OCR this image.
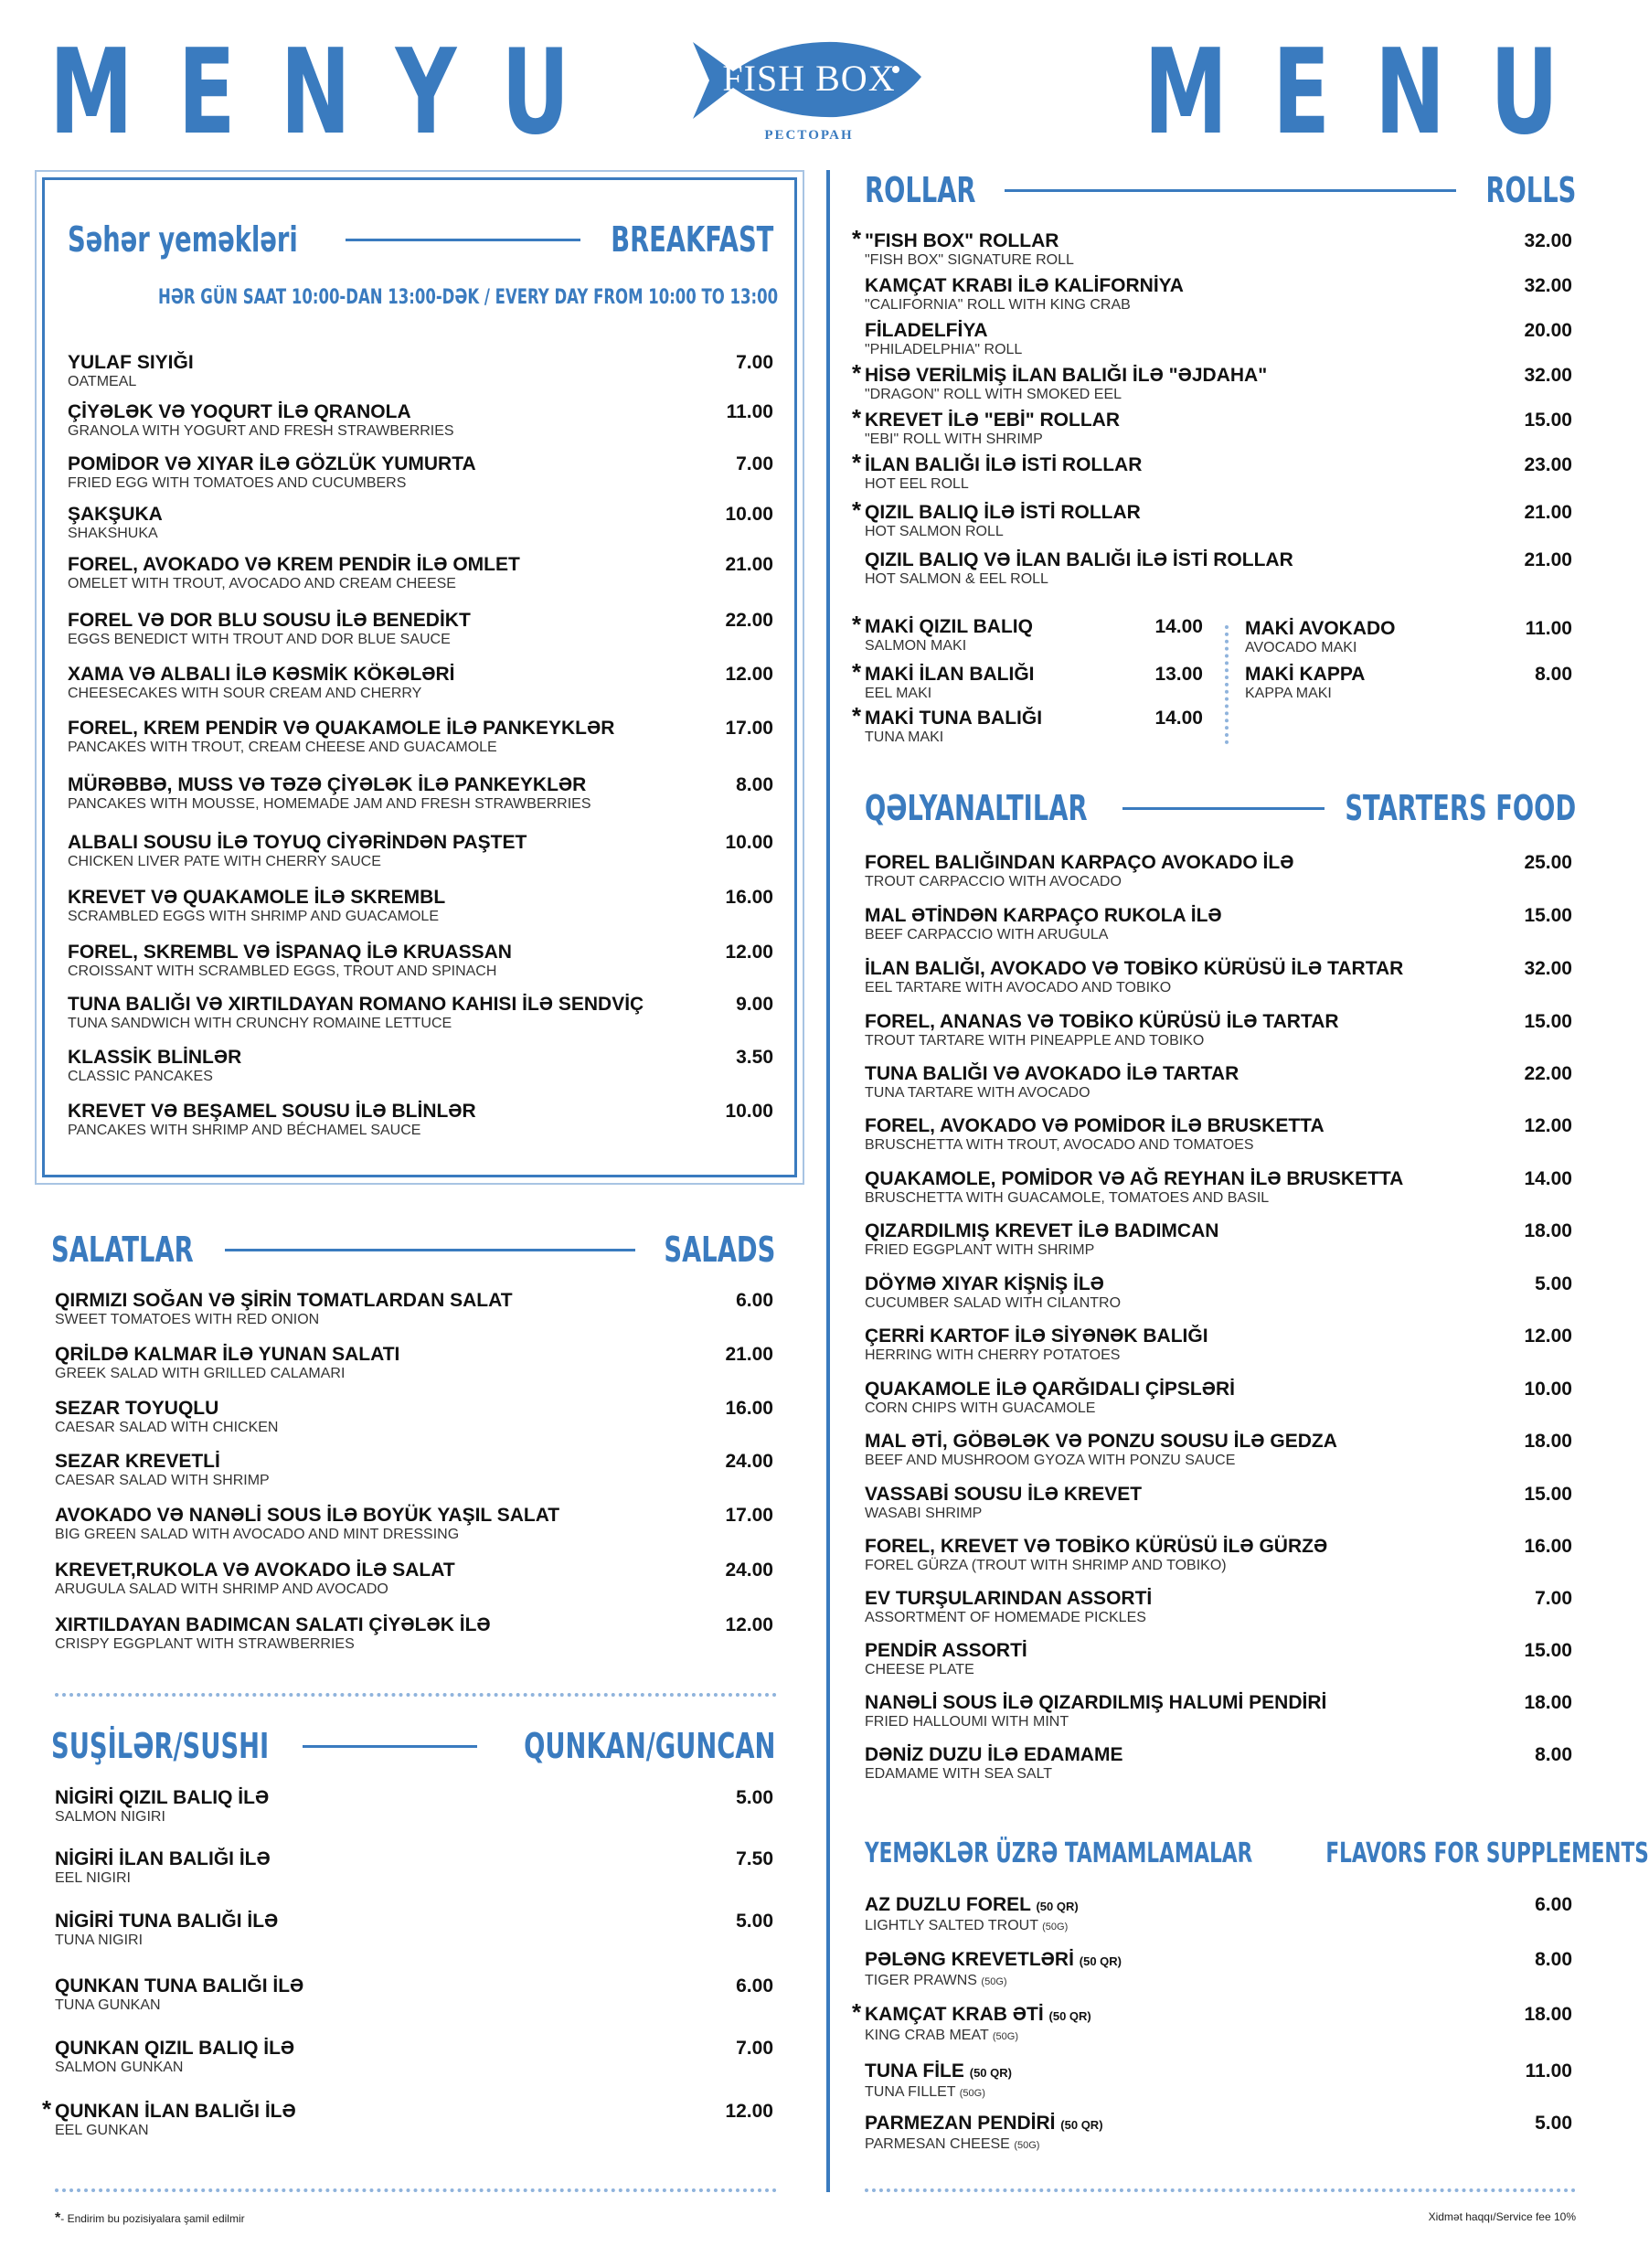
MENYU	MENU
FISH BOX
РЕСТОРАН
Səhər yeməkləri	BREAKFAST
HƏR GÜN SAAT 10:00-DAN 13:00-DƏK / EVERY DAY FROM 10:00 TO 13:00
YULAF SIYIĞI
OATMEAL
7.00
ÇİYƏLƏK VƏ YOQURT İLƏ QRANOLA
GRANOLA WITH YOGURT AND FRESH STRAWBERRIES
11.00
POMİDOR VƏ XIYAR İLƏ GÖZLÜK YUMURTA
FRIED EGG WITH TOMATOES AND CUCUMBERS
7.00
ŞAKŞUKA
SHAKSHUKA
10.00
FOREL, AVOKADO VƏ KREM PENDİR İLƏ OMLET
OMELET WITH TROUT, AVOCADO AND CREAM CHEESE
21.00
FOREL VƏ DOR BLU SOUSU İLƏ BENEDİKT
EGGS BENEDICT WITH TROUT AND DOR BLUE SAUCE
22.00
XAMA VƏ ALBALI İLƏ KƏSMİK KÖKƏLƏRİ
CHEESECAKES WITH SOUR CREAM AND CHERRY
12.00
FOREL, KREM PENDİR VƏ QUAKAMOLE İLƏ PANKEYKLƏR
PANCAKES WITH TROUT, CREAM CHEESE AND GUACAMOLE
17.00
MÜRƏBBƏ, MUSS VƏ TƏZƏ ÇİYƏLƏK İLƏ PANKEYKLƏR
PANCAKES WITH MOUSSE, HOMEMADE JAM AND FRESH STRAWBERRIES
8.00
ALBALI SOUSU İLƏ TOYUQ CİYƏRİNDƏN PAŞTET
CHICKEN LIVER PATE WITH CHERRY SAUCE
10.00
KREVET VƏ QUAKAMOLE İLƏ SKREMBL
SCRAMBLED EGGS WITH SHRIMP AND GUACAMOLE
16.00
FOREL, SKREMBL VƏ İSPANAQ İLƏ KRUASSAN
CROISSANT WITH SCRAMBLED EGGS, TROUT AND SPINACH
12.00
TUNA BALIĞI VƏ XIRTILDAYAN ROMANO KAHISI İLƏ SENDVİÇ
TUNA SANDWICH WITH CRUNCHY ROMAINE LETTUCE
9.00
KLASSİK BLİNLƏR
CLASSIC PANCAKES
3.50
KREVET VƏ BEŞAMEL SOUSU İLƏ BLİNLƏR
PANCAKES WITH SHRIMP AND BÉCHAMEL SAUCE
10.00
SALATLAR	SALADS
QIRMIZI SOĞAN VƏ ŞİRİN TOMATLARDAN SALAT
SWEET TOMATOES WITH RED ONION
6.00
QRİLDƏ KALMAR İLƏ YUNAN SALATI
GREEK SALAD WITH GRILLED CALAMARI
21.00
SEZAR TOYUQLU
CAESAR SALAD WITH CHICKEN
16.00
SEZAR KREVETLİ
CAESAR SALAD WITH SHRIMP
24.00
AVOKADO VƏ NANƏLİ SOUS İLƏ BOYÜK YAŞIL SALAT
BIG GREEN SALAD WITH AVOCADO AND MINT DRESSING
17.00
KREVET,RUKOLA VƏ AVOKADO İLƏ SALAT
ARUGULA SALAD WITH SHRIMP AND AVOCADO
24.00
XIRTILDAYAN BADIMCAN SALATI ÇİYƏLƏK İLƏ
CRISPY EGGPLANT WITH STRAWBERRIES
12.00
SUŞİLƏR/SUSHI	QUNKAN/GUNCAN
NİGİRİ QIZIL BALIQ İLƏ
SALMON NIGIRI
5.00
NİGİRİ İLAN BALIĞI İLƏ
EEL NIGIRI
7.50
NİGİRİ TUNA BALIĞI İLƏ
TUNA NIGIRI
5.00
QUNKAN TUNA BALIĞI İLƏ
TUNA GUNKAN
6.00
QUNKAN QIZIL BALIQ İLƏ
SALMON GUNKAN
7.00
* QUNKAN İLAN BALIĞI İLƏ
EEL GUNKAN
12.00
ROLLAR	ROLLS
* "FISH BOX" ROLLAR
"FISH BOX" SIGNATURE ROLL
32.00
KAMÇAT KRABI İLƏ KALİFORNİYA
"CALIFORNIA" ROLL WITH KING CRAB
32.00
FİLADELFİYA
"PHILADELPHIA" ROLL
20.00
* HİSƏ VERİLMİŞ İLAN BALIĞI İLƏ "ƏJDAHA"
"DRAGON" ROLL WITH SMOKED EEL
32.00
* KREVET İLƏ "EBİ" ROLLAR
"EBI" ROLL WITH SHRIMP
15.00
* İLAN BALIĞI İLƏ İSTİ ROLLAR
HOT EEL ROLL
23.00
* QIZIL BALIQ İLƏ İSTİ ROLLAR
HOT SALMON ROLL
21.00
QIZIL BALIQ VƏ İLAN BALIĞI İLƏ İSTİ ROLLAR
HOT SALMON & EEL ROLL
21.00
* MAKİ QIZIL BALIQ
SALMON MAKI
14.00
* MAKİ İLAN BALIĞI
EEL MAKI
13.00
* MAKİ TUNA BALIĞI
TUNA MAKI
14.00
MAKİ AVOKADO
AVOCADO MAKI
11.00
MAKİ KAPPA
KAPPA MAKI
8.00
QƏLYANALTILAR	STARTERS FOOD
FOREL BALIĞINDAN KARPAÇO AVOKADO İLƏ
TROUT CARPACCIO WITH AVOCADO
25.00
MAL ƏTİNDƏN KARPAÇO RUKOLA İLƏ
BEEF CARPACCIO WITH ARUGULA
15.00
İLAN BALIĞI, AVOKADO VƏ TOBİKO KÜRÜSÜ İLƏ TARTAR
EEL TARTARE WITH AVOCADO AND TOBIKO
32.00
FOREL, ANANAS VƏ TOBİKO KÜRÜSÜ İLƏ TARTAR
TROUT TARTARE WITH PINEAPPLE AND TOBIKO
15.00
TUNA BALIĞI VƏ AVOKADO İLƏ TARTAR
TUNA TARTARE WITH AVOCADO
22.00
FOREL, AVOKADO VƏ POMİDOR İLƏ BRUSKETTA
BRUSCHETTA WITH TROUT, AVOCADO AND TOMATOES
12.00
QUAKAMOLE, POMİDOR VƏ AĞ REYHAN İLƏ BRUSKETTA
BRUSCHETTA WITH GUACAMOLE, TOMATOES AND BASIL
14.00
QIZARDILMIŞ KREVET İLƏ BADIMCAN
FRIED EGGPLANT WITH SHRIMP
18.00
DÖYMƏ XIYAR KİŞNİŞ İLƏ
CUCUMBER SALAD WITH CILANTRO
5.00
ÇERRİ KARTOF İLƏ SİYƏNƏK BALIĞI
HERRING WITH CHERRY POTATOES
12.00
QUAKAMOLE İLƏ QARĞIDALI ÇİPSLƏRİ
CORN CHIPS WITH GUACAMOLE
10.00
MAL ƏTİ, GÖBƏLƏK VƏ PONZU SOUSU İLƏ GEDZA
BEEF AND MUSHROOM GYOZA WITH PONZU SAUCE
18.00
VASSABİ SOUSU İLƏ KREVET
WASABI SHRIMP
15.00
FOREL, KREVET VƏ TOBİKO KÜRÜSÜ İLƏ GÜRZƏ
FOREL GÜRZA (TROUT WITH SHRIMP AND TOBIKO)
16.00
EV TURŞULARINDAN ASSORTİ
ASSORTMENT OF HOMEMADE PICKLES
7.00
PENDİR ASSORTİ
CHEESE PLATE
15.00
NANƏLİ SOUS İLƏ QIZARDILMIŞ HALUMİ PENDİRİ
FRIED HALLOUMI WITH MINT
18.00
DƏNİZ DUZU İLƏ EDAMAME
EDAMAME WITH SEA SALT
8.00
YEMƏKLƏR ÜZRƏ TAMAMLAMALAR	FLAVORS FOR SUPPLEMENTS
AZ DUZLU FOREL (50 QR)
LIGHTLY SALTED TROUT (50G)
6.00
PƏLƏNG KREVETLƏRİ (50 QR)
TIGER PRAWNS (50G)
8.00
* KAMÇAT KRAB ƏTİ (50 QR)
KING CRAB MEAT (50G)
18.00
TUNA FİLE (50 QR)
TUNA FILLET (50G)
11.00
PARMEZAN PENDİRİ (50 QR)
PARMESAN CHEESE (50G)
5.00
*- Endirim bu pozisiyalara şamil edilmir	Xidmət haqqı/Service fee 10%
